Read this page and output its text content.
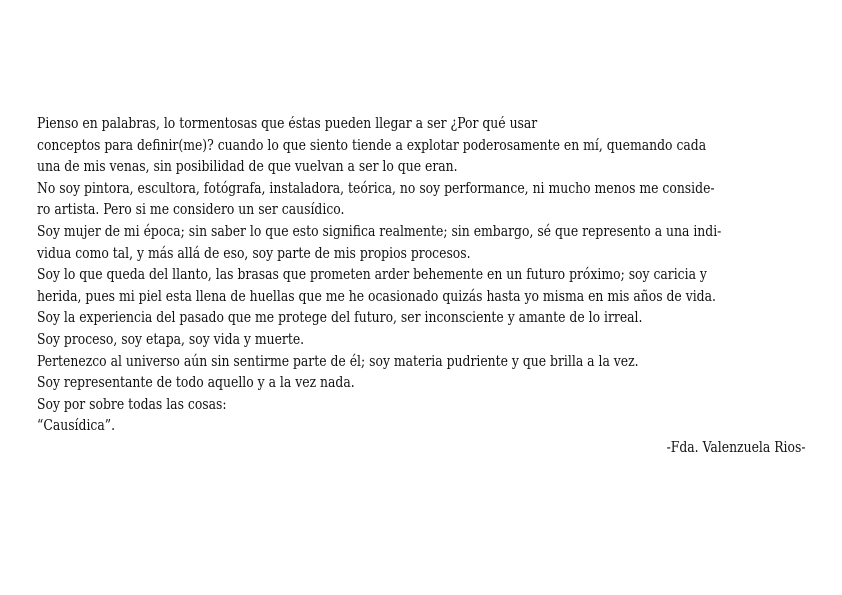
Pienso en palabras, lo tormentosas que éstas pueden llegar a ser ¿Por qué usar
conceptos para definir(me)? cuando lo que siento tiende a explotar poderosamente en mí, quemando cada
una de mis venas, sin posibilidad de que vuelvan a ser lo que eran.
No soy pintora, escultora, fotógrafa, instaladora, teórica, no soy performance, ni mucho menos me conside-
ro artista. Pero si me considero un ser causídico.
Soy mujer de mi época; sin saber lo que esto significa realmente; sin embargo, sé que represento a una indi-
vidua como tal, y más allá de eso, soy parte de mis propios procesos.
Soy lo que queda del llanto, las brasas que prometen arder behemente en un futuro próximo; soy caricia y
herida, pues mi piel esta llena de huellas que me he ocasionado quizás hasta yo misma en mis años de vida.
Soy la experiencia del pasado que me protege del futuro, ser inconsciente y amante de lo irreal.
Soy proceso, soy etapa, soy vida y muerte.
Pertenezco al universo aún sin sentirme parte de él; soy materia pudriente y que brilla a la vez.
Soy representante de todo aquello y a la vez nada.
Soy por sobre todas las cosas:
“Causídica”.
-Fda. Valenzuela Rios-
